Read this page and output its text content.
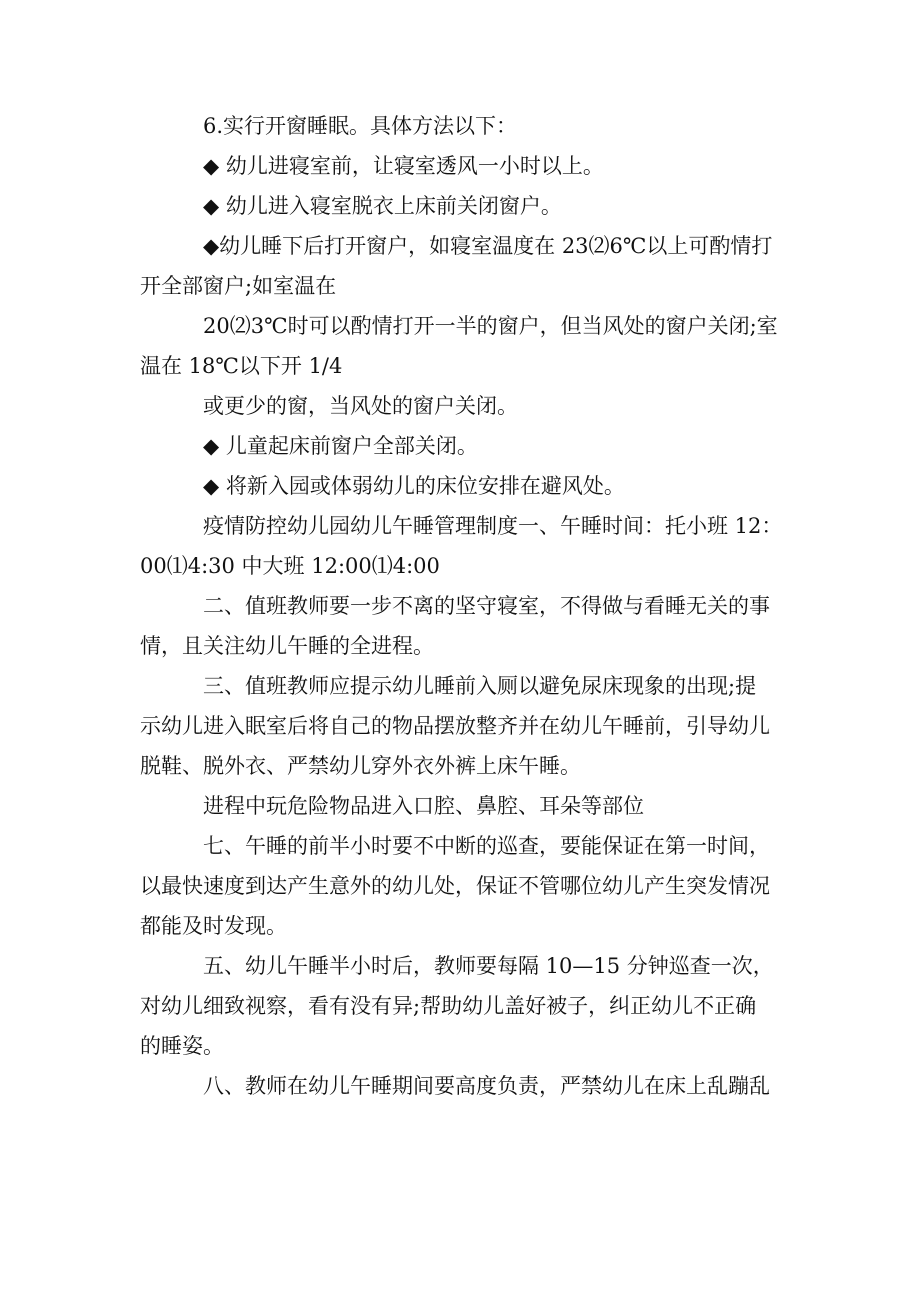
6.实行开窗睡眠。具体方法以下：
◆ 幼儿进寝室前，让寝室透风一小时以上。
◆ 幼儿进入寝室脱衣上床前关闭窗户。
◆幼儿睡下后打开窗户，如寝室温度在 23⑵6℃以上可酌情打
开全部窗户;如室温在
20⑵3℃时可以酌情打开一半的窗户，但当风处的窗户关闭;室
温在 18℃以下开 1/4
或更少的窗，当风处的窗户关闭。
◆ 儿童起床前窗户全部关闭。
◆ 将新入园或体弱幼儿的床位安排在避风处。
疫情防控幼儿园幼儿午睡管理制度一、午睡时间：托小班 12：
00⑴4:30 中大班 12:00⑴4:00
二、值班教师要一步不离的坚守寝室，不得做与看睡无关的事
情，且关注幼儿午睡的全进程。
三、值班教师应提示幼儿睡前入厕以避免尿床现象的出现;提
示幼儿进入眠室后将自己的物品摆放整齐并在幼儿午睡前，引导幼儿
脱鞋、脱外衣、严禁幼儿穿外衣外裤上床午睡。
进程中玩危险物品进入口腔、鼻腔、耳朵等部位
七、午睡的前半小时要不中断的巡查，要能保证在第一时间，
以最快速度到达产生意外的幼儿处，保证不管哪位幼儿产生突发情况
都能及时发现。
五、幼儿午睡半小时后，教师要每隔 10—15 分钟巡查一次，
对幼儿细致视察，看有没有异;帮助幼儿盖好被子，纠正幼儿不正确
的睡姿。
八、教师在幼儿午睡期间要高度负责，严禁幼儿在床上乱蹦乱
